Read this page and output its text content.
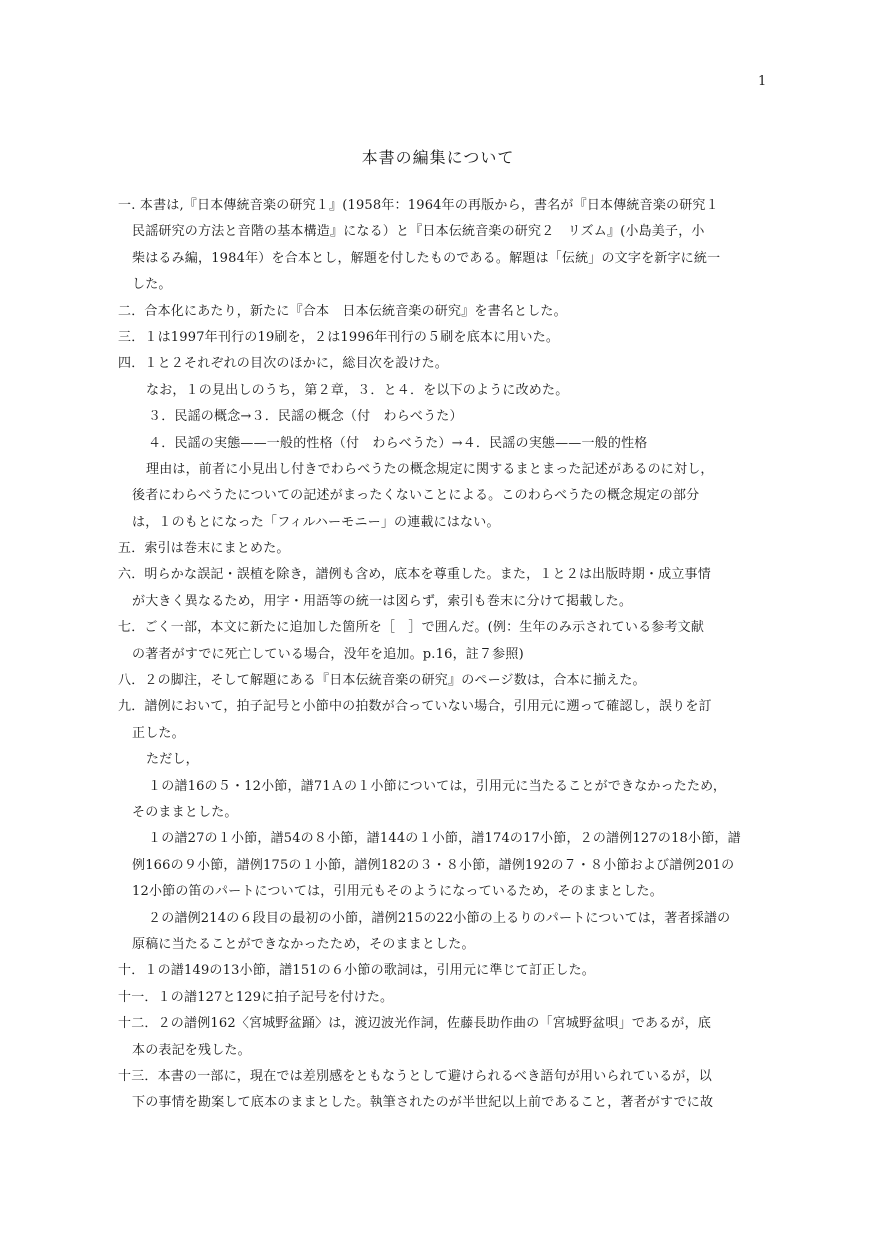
1
本書の編集について
一. 本書は,『日本傳統音楽の研究１』(1958年：1964年の再版から，書名が『日本傳統音楽の研究１
民謡研究の方法と音階の基本構造』になる）と『日本伝統音楽の研究２　リズム』(小島美子，小
柴はるみ編，1984年）を合本とし，解題を付したものである。解題は「伝統」の文字を新字に統一
した。
二．合本化にあたり，新たに『合本　日本伝統音楽の研究』を書名とした。
三．１は1997年刊行の19刷を，２は1996年刊行の５刷を底本に用いた。
四．１と２それぞれの目次のほかに，総目次を設けた。
なお，１の見出しのうち，第２章，３．と４．を以下のように改めた。
３．民謡の概念→３．民謡の概念（付　わらべうた）
４．民謡の実態——一般的性格（付　わらべうた）→４．民謡の実態——一般的性格
理由は，前者に小見出し付きでわらべうたの概念規定に関するまとまった記述があるのに対し，
後者にわらべうたについての記述がまったくないことによる。このわらべうたの概念規定の部分
は，１のもとになった「フィルハーモニー」の連載にはない。
五．索引は巻末にまとめた。
六．明らかな誤記・誤植を除き，譜例も含め，底本を尊重した。また，１と２は出版時期・成立事情
が大きく異なるため，用字・用語等の統一は図らず，索引も巻末に分けて掲載した。
七．ごく一部，本文に新たに追加した箇所を［　］で囲んだ。(例：生年のみ示されている参考文献
の著者がすでに死亡している場合，没年を追加。p.16，註７参照)
八．２の脚注，そして解題にある『日本伝統音楽の研究』のページ数は，合本に揃えた。
九．譜例において，拍子記号と小節中の拍数が合っていない場合，引用元に遡って確認し，誤りを訂
正した。
ただし，
１の譜16の５・12小節，譜71Ａの１小節については，引用元に当たることができなかったため，
そのままとした。
１の譜27の１小節，譜54の８小節，譜144の１小節，譜174の17小節，２の譜例127の18小節，譜
例166の９小節，譜例175の１小節，譜例182の３・８小節，譜例192の７・８小節および譜例201の
12小節の笛のパートについては，引用元もそのようになっているため，そのままとした。
２の譜例214の６段目の最初の小節，譜例215の22小節の上るりのパートについては，著者採譜の
原稿に当たることができなかったため，そのままとした。
十．１の譜149の13小節，譜151の６小節の歌詞は，引用元に準じて訂正した。
十一．１の譜127と129に拍子記号を付けた。
十二．２の譜例162〈宮城野盆踊〉は，渡辺波光作詞，佐藤長助作曲の「宮城野盆唄」であるが，底
本の表記を残した。
十三．本書の一部に，現在では差別感をともなうとして避けられるべき語句が用いられているが，以
下の事情を勘案して底本のままとした。執筆されたのが半世紀以上前であること，著者がすでに故
